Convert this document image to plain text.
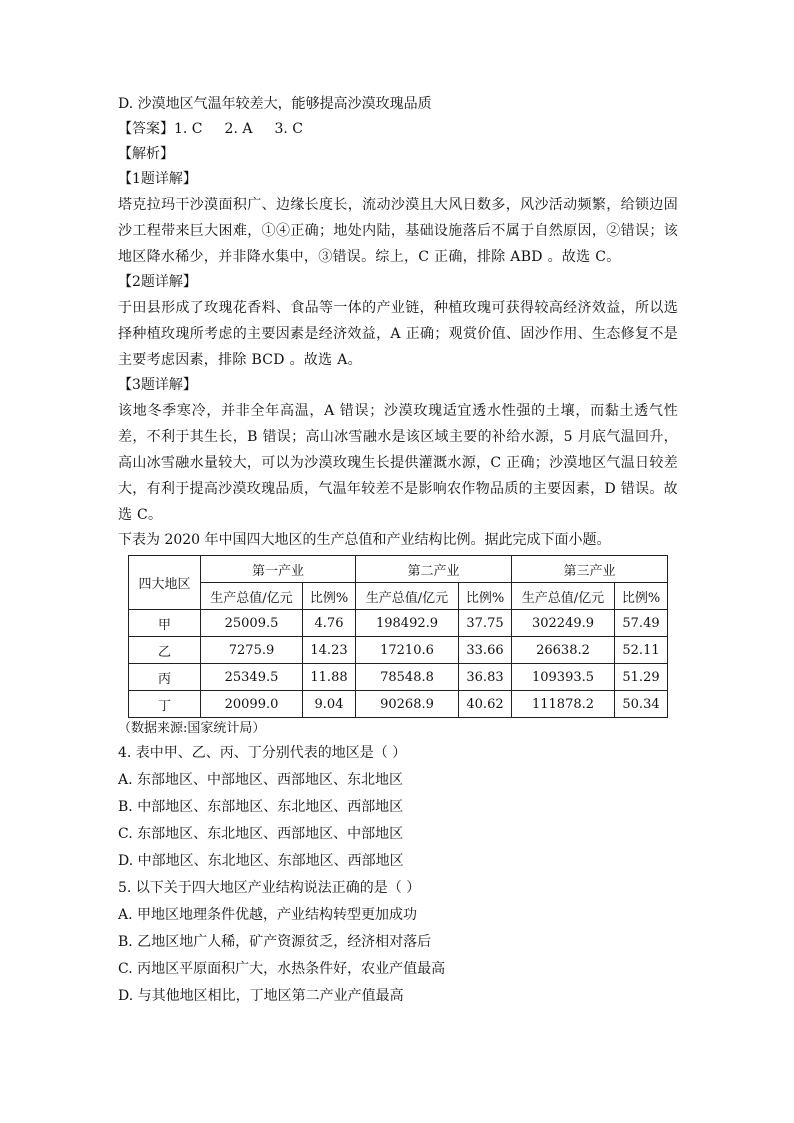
D. 沙漠地区气温年较差大，能够提高沙漠玫瑰品质
【答案】1. C 2. A 3. C
【解析】
【1题详解】
塔克拉玛干沙漠面积广、边缘长度长，流动沙漠且大风日数多，风沙活动频繁，给锁边固沙工程带来巨大困难，①④正确；地处内陆，基础设施落后不属于自然原因，②错误；该地区降水稀少，并非降水集中，③错误。综上，C 正确，排除 ABD 。故选 C。
【2题详解】
于田县形成了玫瑰花香料、食品等一体的产业链，种植玫瑰可获得较高经济效益，所以选择种植玫瑰所考虑的主要因素是经济效益，A 正确；观赏价值、固沙作用、生态修复不是主要考虑因素，排除 BCD 。故选 A。
【3题详解】
该地冬季寒冷，并非全年高温，A 错误；沙漠玫瑰适宜透水性强的土壤，而黏土透气性差，不利于其生长，B 错误；高山冰雪融水是该区域主要的补给水源，5 月底气温回升，高山冰雪融水量较大，可以为沙漠玫瑰生长提供灌溉水源，C 正确；沙漠地区气温日较差大，有利于提高沙漠玫瑰品质，气温年较差不是影响农作物品质的主要因素，D 错误。故选 C。
下表为 2020 年中国四大地区的生产总值和产业结构比例。据此完成下面小题。
四大地区	第一产业		第二产业		第三产业	
	生产总值/亿元	比例%	生产总值/亿元	比例%	生产总值/亿元	比例%
甲	25009.5	4.76	198492.9	37.75	302249.9	57.49
乙	7275.9	14.23	17210.6	33.66	26638.2	52.11
丙	25349.5	11.88	78548.8	36.83	109393.5	51.29
丁	20099.0	9.04	90268.9	40.62	111878.2	50.34
（数据来源:国家统计局）
4. 表中甲、乙、丙、丁分别代表的地区是（ ）
A. 东部地区、中部地区、西部地区、东北地区
B. 中部地区、东部地区、东北地区、西部地区
C. 东部地区、东北地区、西部地区、中部地区
D. 中部地区、东北地区、东部地区、西部地区
5. 以下关于四大地区产业结构说法正确的是（ ）
A. 甲地区地理条件优越，产业结构转型更加成功
B. 乙地区地广人稀，矿产资源贫乏，经济相对落后
C. 丙地区平原面积广大，水热条件好，农业产值最高
D. 与其他地区相比，丁地区第二产业产值最高
